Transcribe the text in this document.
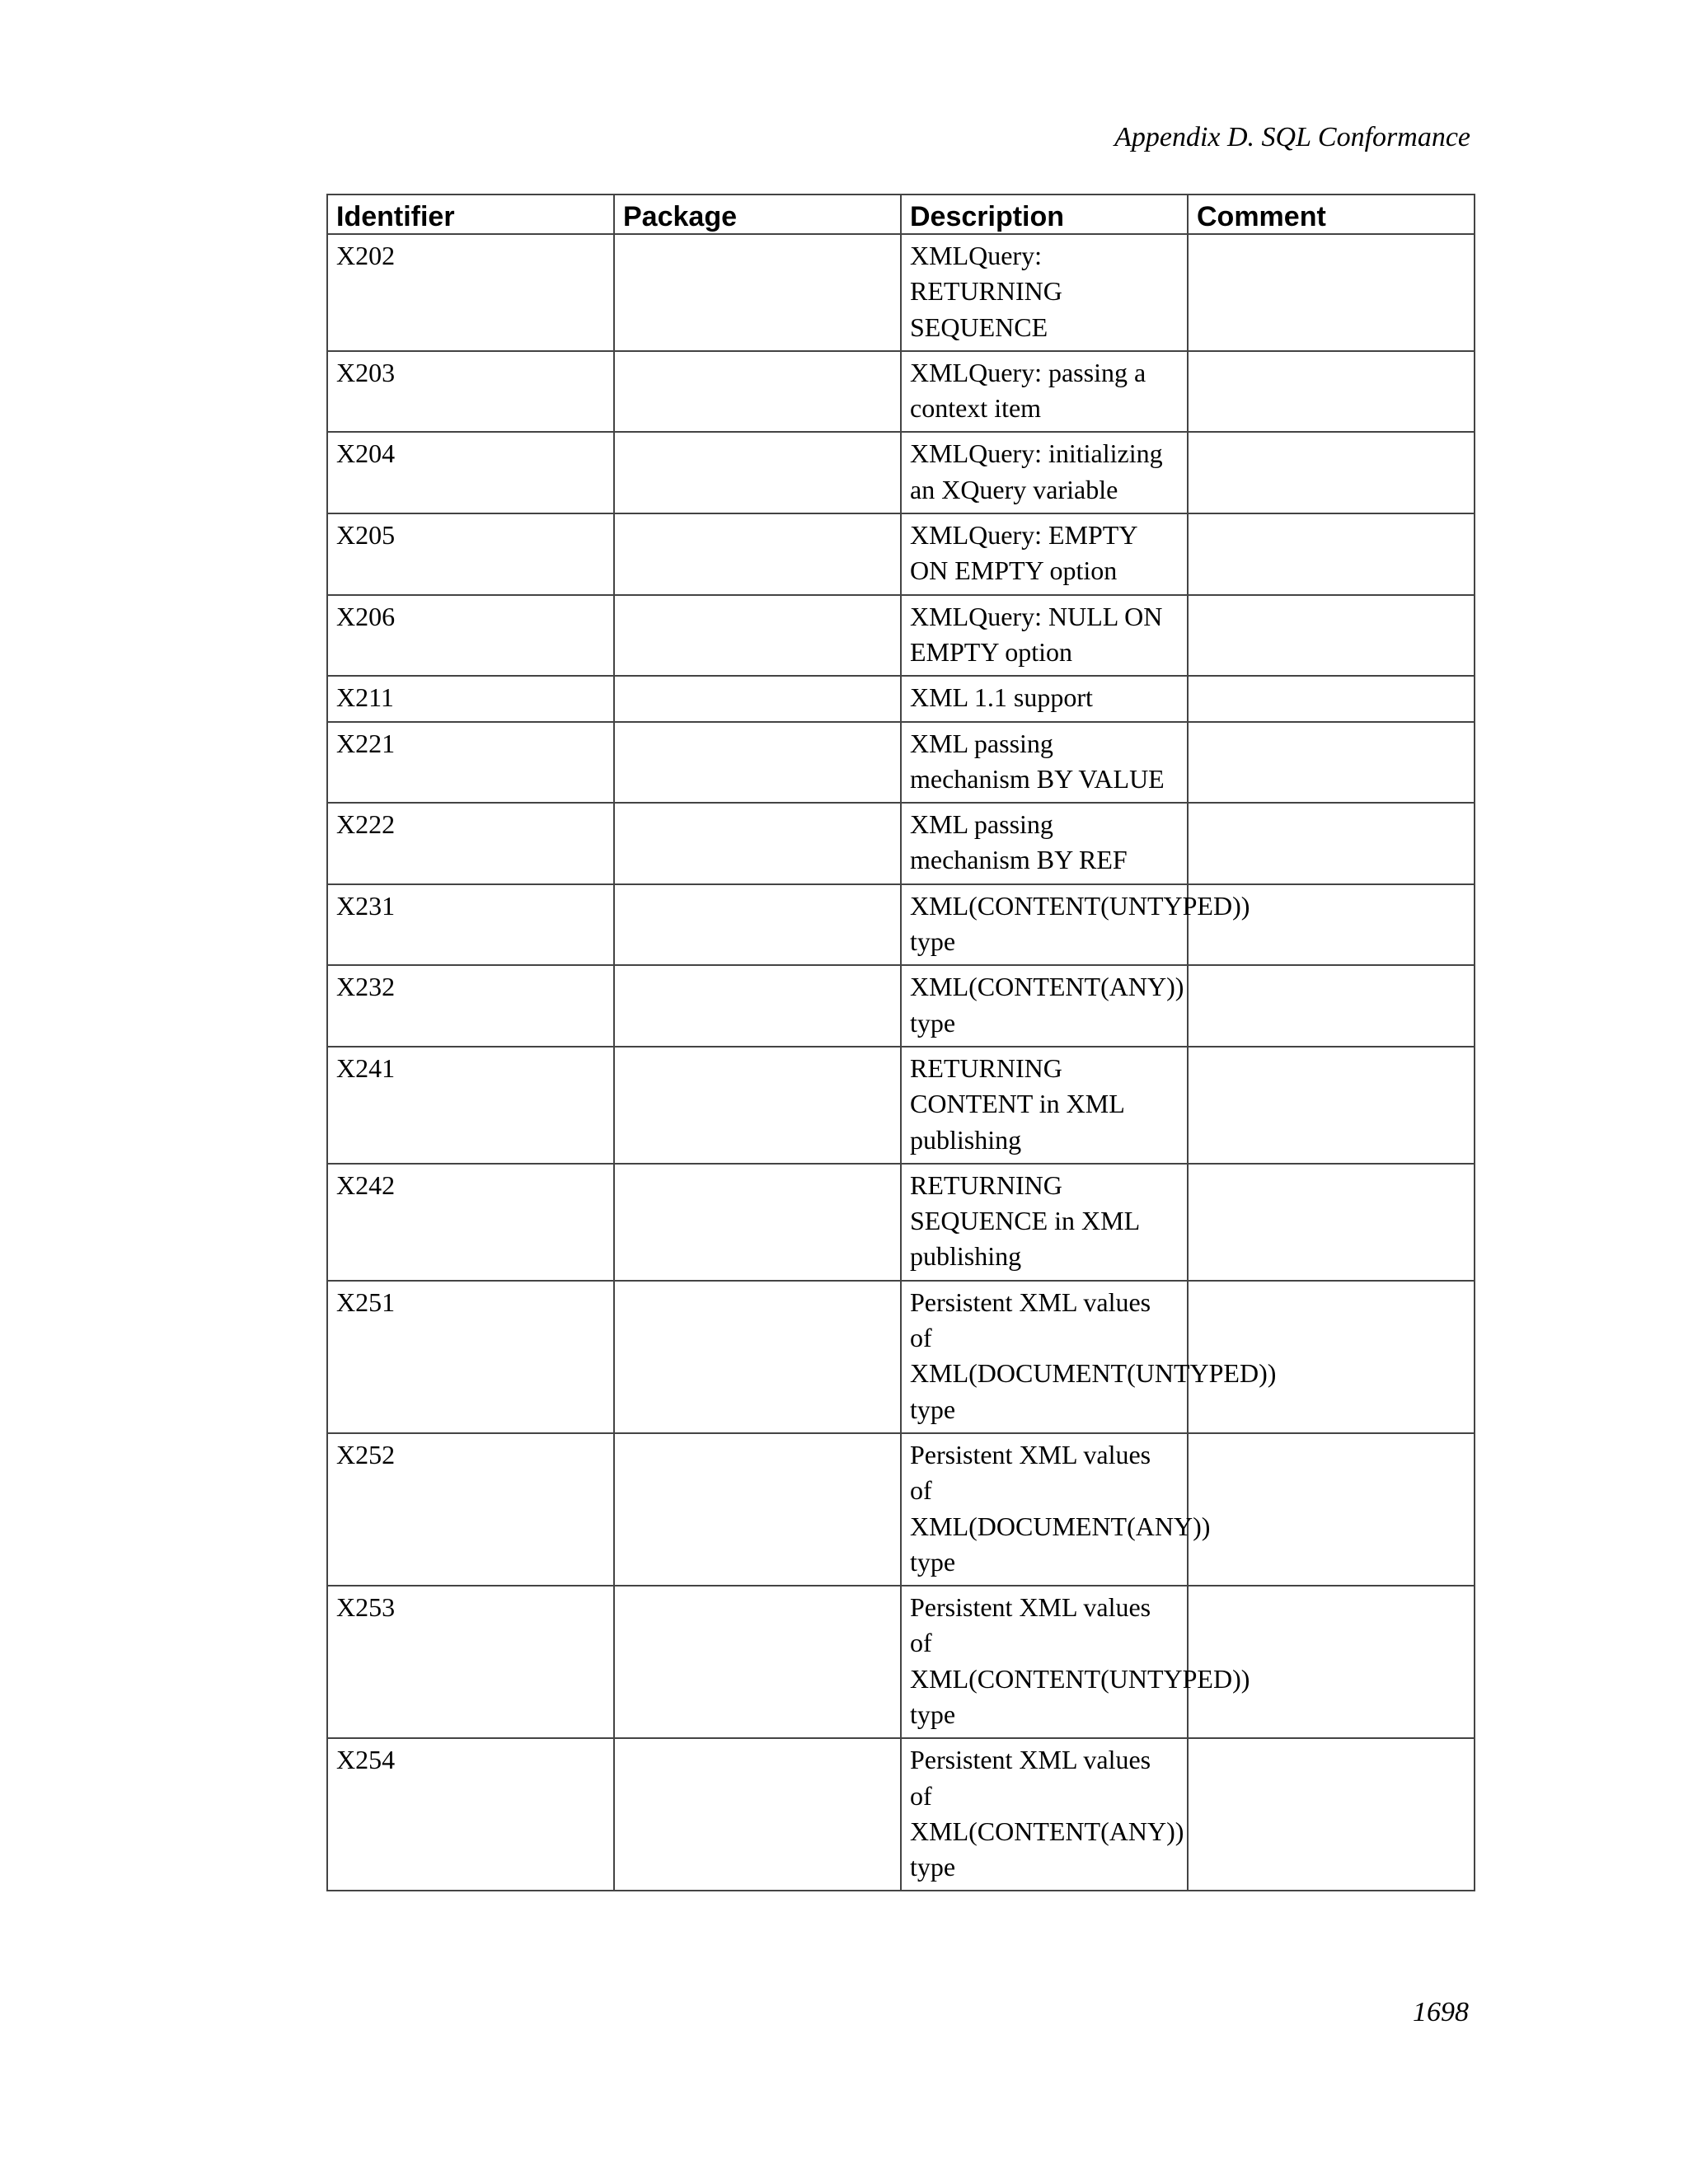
Appendix D. SQL Conformance
Identifier	Package	Description	Comment
X202		XMLQuery:
RETURNING
SEQUENCE	

X203		XMLQuery: passing a
context item	

X204		XMLQuery: initializing
an XQuery variable	

X205		XMLQuery: EMPTY
ON EMPTY option	

X206		XMLQuery: NULL ON
EMPTY option	

X211		XML 1.1 support	

X221		XML passing
mechanism BY VALUE	

X222		XML passing
mechanism BY REF	

X231		XML(CONTENT(UNTYPED))
type	

X232		XML(CONTENT(ANY))
type	

X241		RETURNING
CONTENT in XML
publishing	

X242		RETURNING
SEQUENCE in XML
publishing	

X251		Persistent XML values
of
XML(DOCUMENT(UNTYPED))
type	

X252		Persistent XML values
of
XML(DOCUMENT(ANY))
type	

X253		Persistent XML values
of
XML(CONTENT(UNTYPED))
type	

X254		Persistent XML values
of
XML(CONTENT(ANY))
type	

1698
